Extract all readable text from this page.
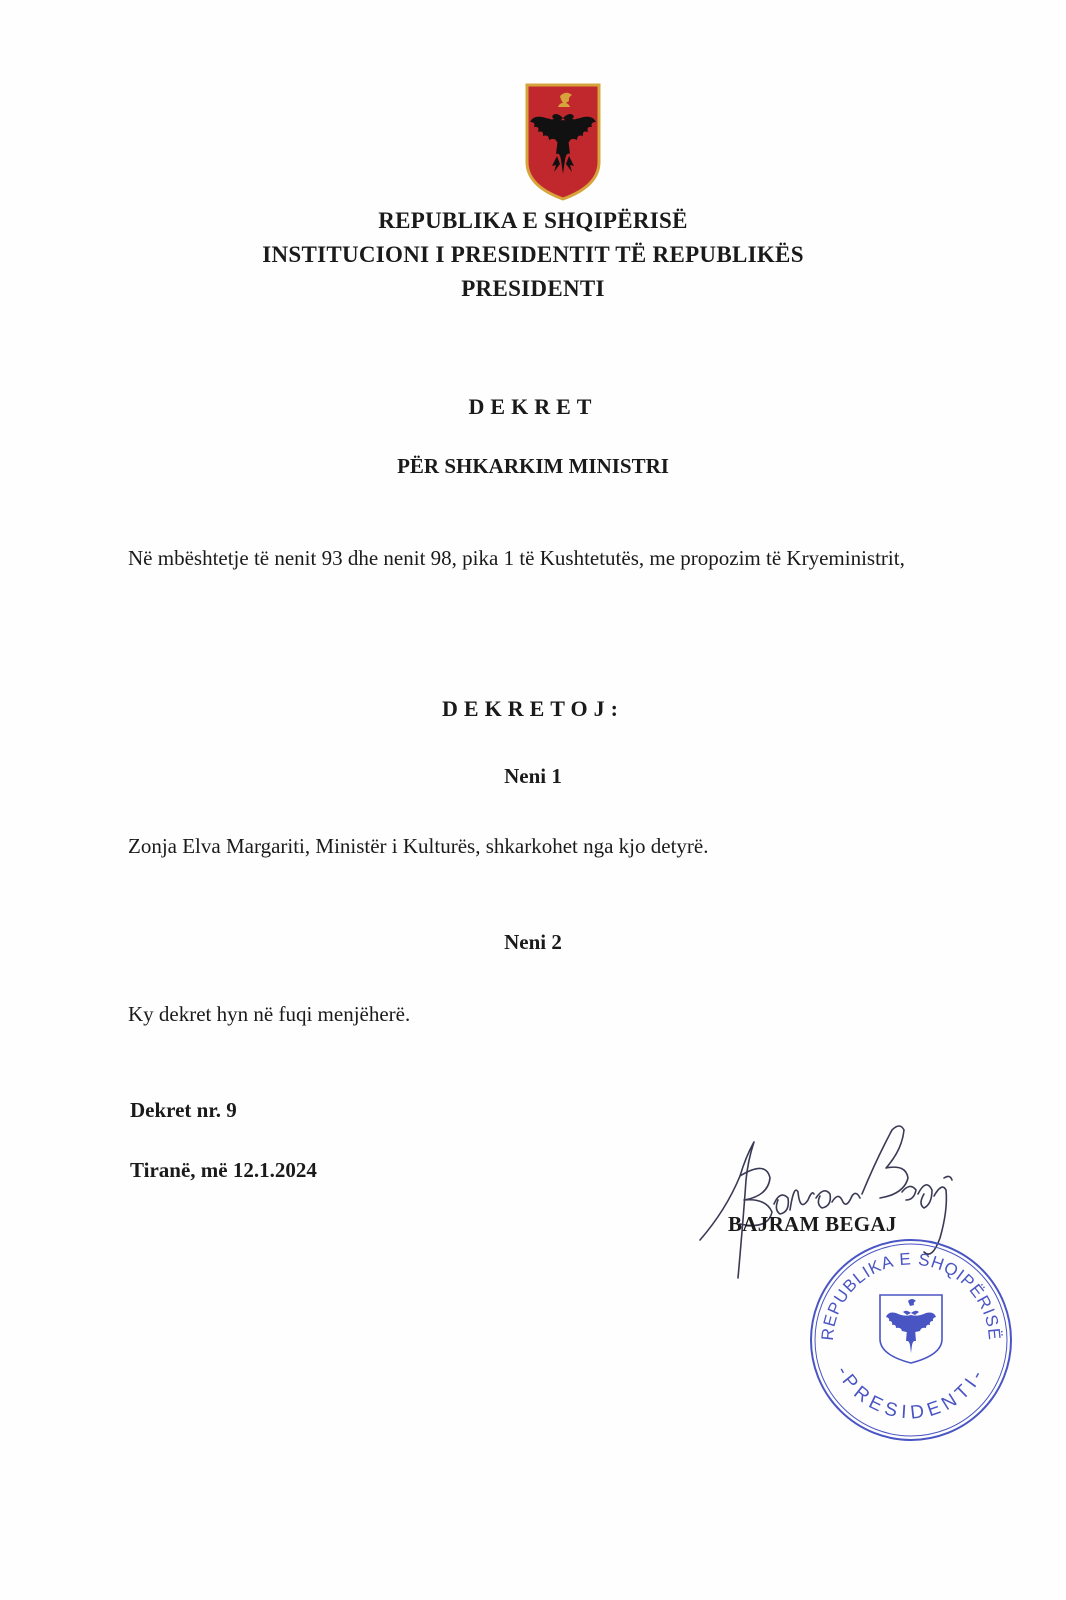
REPUBLIKA E SHQIPËRISË
INSTITUCIONI I PRESIDENTIT TË REPUBLIKËS
PRESIDENTI
DEKRET
PËR SHKARKIM MINISTRI
Në mbështetje të nenit 93 dhe nenit 98, pika 1 të Kushtetutës, me propozim të Kryeministrit,
DEKRETOJ:
Neni 1
Zonja Elva Margariti, Ministër i Kulturës, shkarkohet nga kjo detyrë.
Neni 2
Ky dekret hyn në fuqi menjëherë.
Dekret nr. 9
Tiranë, më 12.1.2024
BAJRAM BEGAJ
REPUBLIKA E SHQIPËRISË
-PRESIDENTI-
